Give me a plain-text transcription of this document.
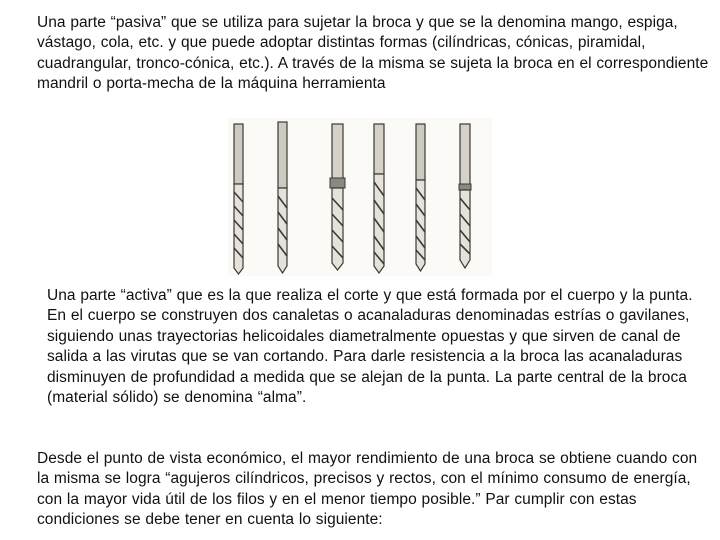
Una parte “pasiva” que se utiliza para sujetar la broca y que se la denomina mango, espiga, vástago, cola, etc. y que puede adoptar distintas formas (cilíndricas, cónicas, piramidal, cuadrangular, tronco-cónica, etc.). A través de la misma se sujeta la broca en el correspondiente mandril o porta-mecha de la máquina herramienta

Una parte “activa” que es la que realiza el corte y que está formada por el cuerpo y la punta. En el cuerpo se construyen dos canaletas o acanaladuras denominadas estrías o gavilanes, siguiendo unas trayectorias helicoidales diametralmente opuestas y que sirven de canal de salida a las virutas que se van cortando. Para darle resistencia a la broca las acanaladuras disminuyen de profundidad a medida que se alejan de la punta. La parte central de la broca (material sólido) se denomina “alma”.

Desde el punto de vista económico, el mayor rendimiento de una broca se obtiene cuando con la misma se logra “agujeros cilíndricos, precisos y rectos, con el mínimo consumo de energía, con la mayor vida útil de los filos y en el menor tiempo posible.” Par cumplir con estas condiciones se debe tener en cuenta lo siguiente:
